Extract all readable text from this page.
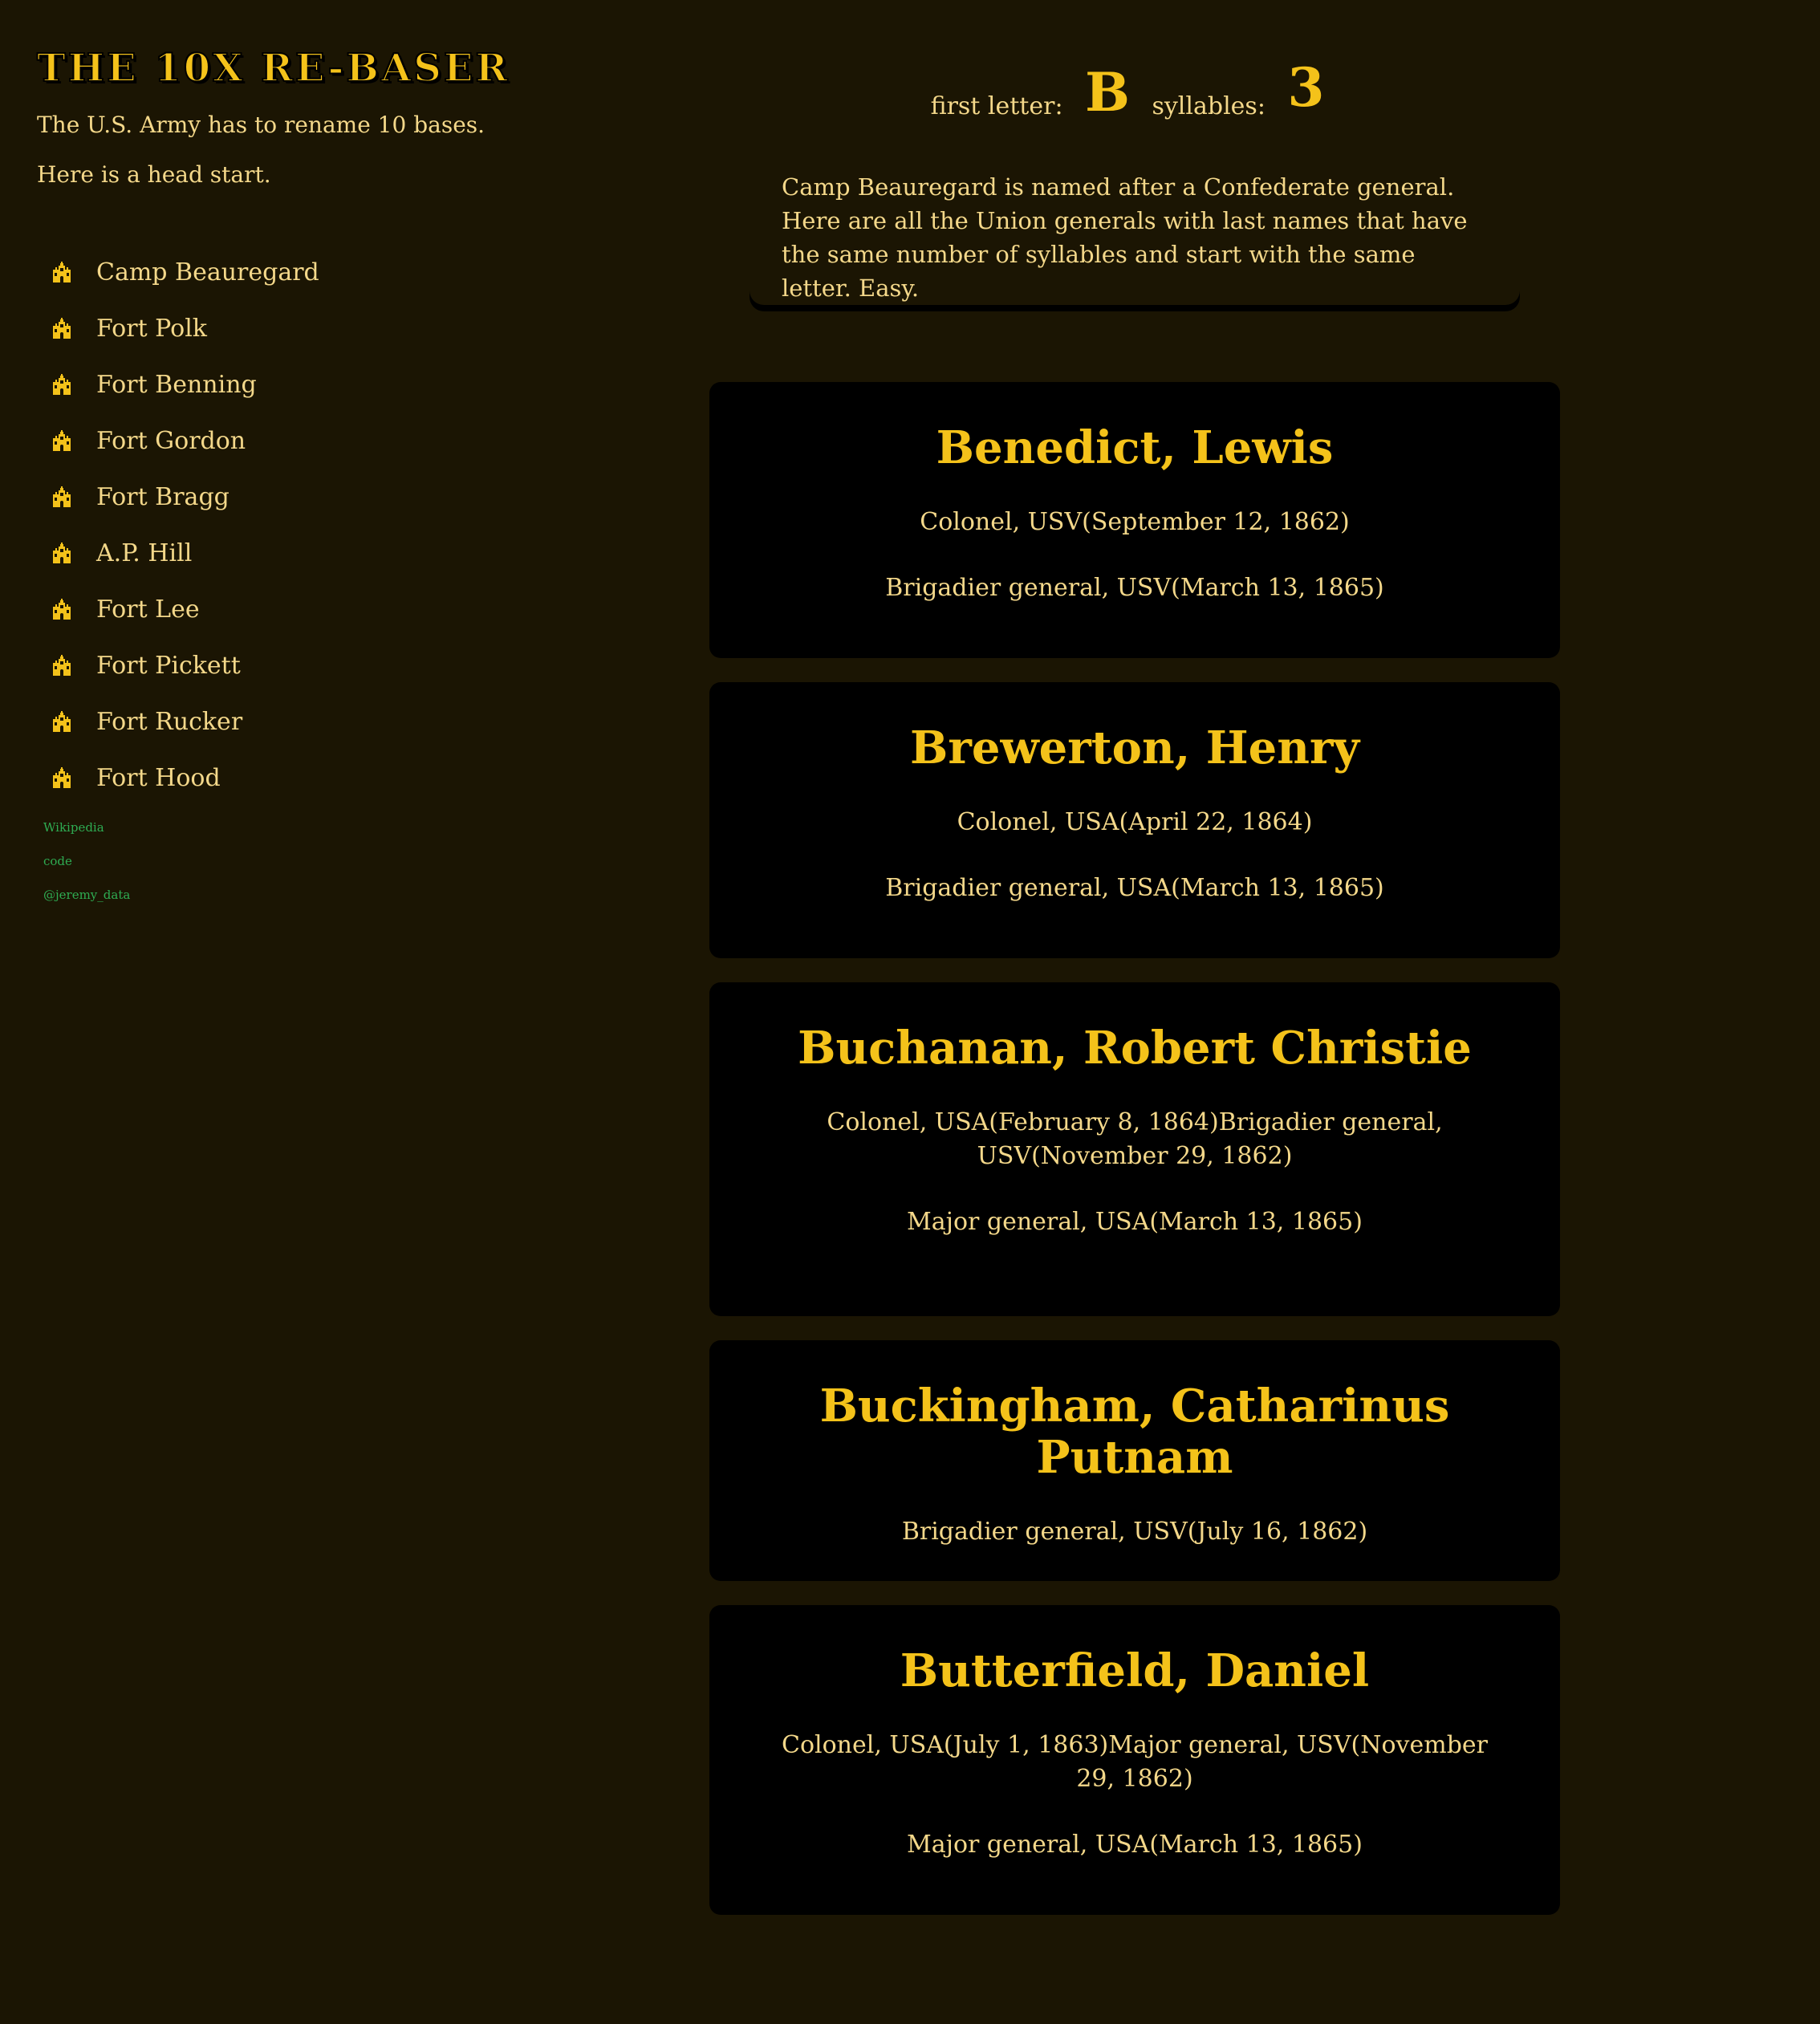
THE 10X RE-BASER

The U.S. Army has to rename 10 bases.

Here is a head start.

Camp Beauregard
Fort Polk
Fort Benning
Fort Gordon
Fort Bragg
A.P. Hill
Fort Lee
Fort Pickett
Fort Rucker
Fort Hood
Wikipedia
code
@jeremy_data
first letter: B syllables: 3

Camp Beauregard is named after a Confederate general. Here are all the Union generals with last names that have the same number of syllables and start with the same letter. Easy.

Benedict, Lewis
Colonel, USV(September 12, 1862)
Brigadier general, USV(March 13, 1865)
Brewerton, Henry
Colonel, USA(April 22, 1864)
Brigadier general, USA(March 13, 1865)
Buchanan, Robert Christie
Colonel, USA(February 8, 1864)Brigadier general, USV(November 29, 1862)
Major general, USA(March 13, 1865)
Buckingham, Catharinus Putnam
Brigadier general, USV(July 16, 1862)
Butterfield, Daniel
Colonel, USA(July 1, 1863)Major general, USV(November 29, 1862)
Major general, USA(March 13, 1865)
